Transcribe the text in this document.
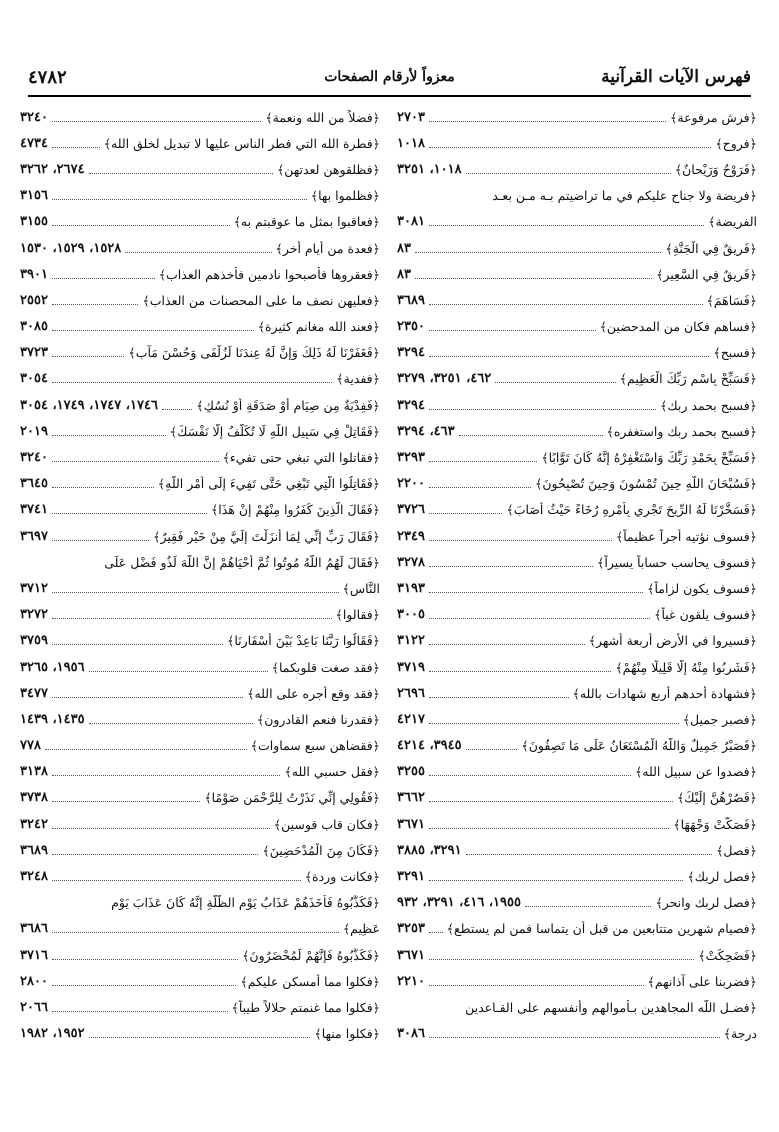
فهرس الآيات القرآنية
معزواً لأرقام الصفحات
٤٧٨٢
﴿فرش مرفوعة﴾
٢٧٠٣
﴿فروح﴾
١٠١٨
﴿فَرَوْحٌ وَرَيْحانٌ﴾
١٠١٨، ٣٢٥١
﴿فريضة ولا جناح عليكم في ما تراضيتم بـه مـن بعـد
الفريضة﴾
٣٠٨١
﴿فَرِيقٌ فِي الْجَنَّةِ﴾
٨٣
﴿فَرِيقٌ فِي السَّعِيرِ﴾
٨٣
﴿فَسَاهَمَ﴾
٣٦٨٩
﴿فساهم فكان من المدحضين﴾
٢٣٥٠
﴿فسبح﴾
٣٢٩٤
﴿فَسَبِّحْ بِاسْمِ رَبِّكَ الْعَظِيمِ﴾
٤٦٢، ٣٢٥١، ٣٢٧٩
﴿فسبح بحمد ربك﴾
٣٢٩٤
﴿فسبح بحمد ربك واستغفره﴾
٤٦٣، ٣٢٩٤
﴿فَسَبِّحْ بِحَمْدِ رَبِّكَ وَاسْتَغْفِرْهُ إِنَّهُ كَانَ تَوَّابًا﴾
٣٢٩٣
﴿فَسُبْحَانَ اللَّهِ حِينَ تُمْسُونَ وَحِينَ تُصْبِحُونَ﴾
٢٢٠٠
﴿فَسَخَّرْنَا لَهُ الرِّيحَ تَجْرِي بِأَمْرِهِ رُخَاءً حَيْثُ أَصَابَ﴾
٣٧٢٦
﴿فسوف نؤتيه أجراً عظيماً﴾
٢٣٤٩
﴿فسوف يحاسب حساباً يسيراً﴾
٣٢٧٨
﴿فسوف يكون لزاماً﴾
٣١٩٣
﴿فسوف يلقون غياً﴾
٣٠٠٥
﴿فسيروا في الأرض أربعة أشهر﴾
٣١٢٢
﴿فَشَرِبُوا مِنْهُ إِلَّا قَلِيلًا مِنْهُمْ﴾
٣٧١٩
﴿فشهادة أحدهم أربع شهادات بالله﴾
٢٦٩٦
﴿فصبر جميل﴾
٤٢١٧
﴿فَصَبْرٌ جَمِيلٌ وَاللَّهُ الْمُسْتَعَانُ عَلَى مَا تَصِفُونَ﴾
٣٩٤٥، ٤٢١٤
﴿فصدوا عن سبيل الله﴾
٣٢٥٥
﴿فَصُرْهُنَّ إِلَيْكَ﴾
٣٦٦٢
﴿فَصَكَّتْ وَجْهَهَا﴾
٣٦٧١
﴿فصل﴾
٣٢٩١، ٣٨٨٥
﴿فصل لربك﴾
٣٢٩١
﴿فصل لربك وانحر﴾
١٩٥٥، ٤١٦، ٣٢٩١، ٩٣٢
﴿فصيام شهرين متتابعين من قبل أن يتماسا فمن لم يستطع﴾
٣٢٥٣
﴿فَضَحِكَتْ﴾
٣٦٧١
﴿فضربنا على آذانهم﴾
٢٢١٠
﴿فضـل اللّه المجاهدين بـأموالهم وأنفسهم على القـاعدين
درجة﴾
٣٠٨٦
﴿فضلاً من الله ونعمة﴾
٣٢٤٠
﴿فطرة الله التي فطر الناس عليها لا تبديل لخلق الله﴾
٤٧٣٤
﴿فظلقوهن لعدتهن﴾
٢٦٧٤، ٣٢٦٢
﴿فظلموا بها﴾
٣١٥٦
﴿فعاقبوا بمثل ما عوقبتم به﴾
٣١٥٥
﴿فعدة من أيام أخر﴾
١٥٢٨، ١٥٢٩، ١٥٣٠
﴿فعقروها فأصبحوا نادمين فأخذهم العذاب﴾
٣٩٠١
﴿فعليهن نصف ما على المحصنات من العذاب﴾
٢٥٥٢
﴿فعند الله مغانم كثيرة﴾
٣٠٨٥
﴿فَغَفَرْنَا لَهُ ذَلِكَ وَإِنَّ لَهُ عِندَنَا لَزُلْفَى وَحُسْنَ مَآبٍ﴾
٣٧٢٣
﴿ففدية﴾
٣٠٥٤
﴿فَفِدْيَةٌ مِن صِيَامٍ أَوْ صَدَقَةٍ أَوْ نُسُكٍ﴾
١٧٤٦، ١٧٤٧، ١٧٤٩، ٣٠٥٤
﴿فَقَاتِلْ فِي سَبِيلِ اللَّهِ لَا تُكَلَّفُ إِلَّا نَفْسَكَ﴾
٢٠١٩
﴿فقاتلوا التي تبغي حتى تفيء﴾
٣٢٤٠
﴿فَقَاتِلُوا الَّتِي تَبْغِي حَتَّى تَفِيءَ إِلَى أَمْرِ اللَّهِ﴾
٣٦٤٥
﴿فَقَالَ الَّذِينَ كَفَرُوا مِنْهُمْ إِنْ هَذَا﴾
٣٧٤١
﴿فَقَالَ رَبِّ إِنِّي لِمَا أَنزَلْتَ إِلَيَّ مِنْ خَيْرٍ فَقِيرٌ﴾
٣٦٩٧
﴿فَقَالَ لَهُمُ اللَّهُ مُوتُوا ثُمَّ أَحْيَاهُمْ إِنَّ اللَّهَ لَذُو فَضْلٍ عَلَى
النَّاسِ﴾
٣٧١٢
﴿فقالوا﴾
٣٢٧٢
﴿فَقَالُوا رَبَّنَا بَاعِدْ بَيْنَ أَسْفَارِنَا﴾
٣٧٥٩
﴿فقد صغت قلوبكما﴾
١٩٥٦، ٣٢٦٥
﴿فقد وقع أجره على الله﴾
٣٤٧٧
﴿فقدرنا فنعم القادرون﴾
١٤٣٥، ١٤٣٩
﴿فقضاهن سبع سماوات﴾
٧٧٨
﴿فقل حسبي الله﴾
٣١٣٨
﴿فَقُولِي إِنِّي نَذَرْتُ لِلرَّحْمَنِ صَوْمًا﴾
٣٧٣٨
﴿فكان قاب قوسين﴾
٣٢٤٢
﴿فَكَانَ مِنَ الْمُدْحَضِينَ﴾
٣٦٨٩
﴿فكانت وردة﴾
٣٢٤٨
﴿فَكَذَّبُوهُ فَأَخَذَهُمْ عَذَابُ يَوْمِ الظُّلَّةِ إِنَّهُ كَانَ عَذَابَ يَوْمٍ
عَظِيمٍ﴾
٣٦٨٦
﴿فَكَذَّبُوهُ فَإِنَّهُمْ لَمُحْضَرُونَ﴾
٣٧١٦
﴿فكلوا مما أمسكن عليكم﴾
٢٨٠٠
﴿فكلوا مما غنمتم حلالاً طيباً﴾
٢٠٦٦
﴿فكلوا منها﴾
١٩٥٢، ١٩٨٢
